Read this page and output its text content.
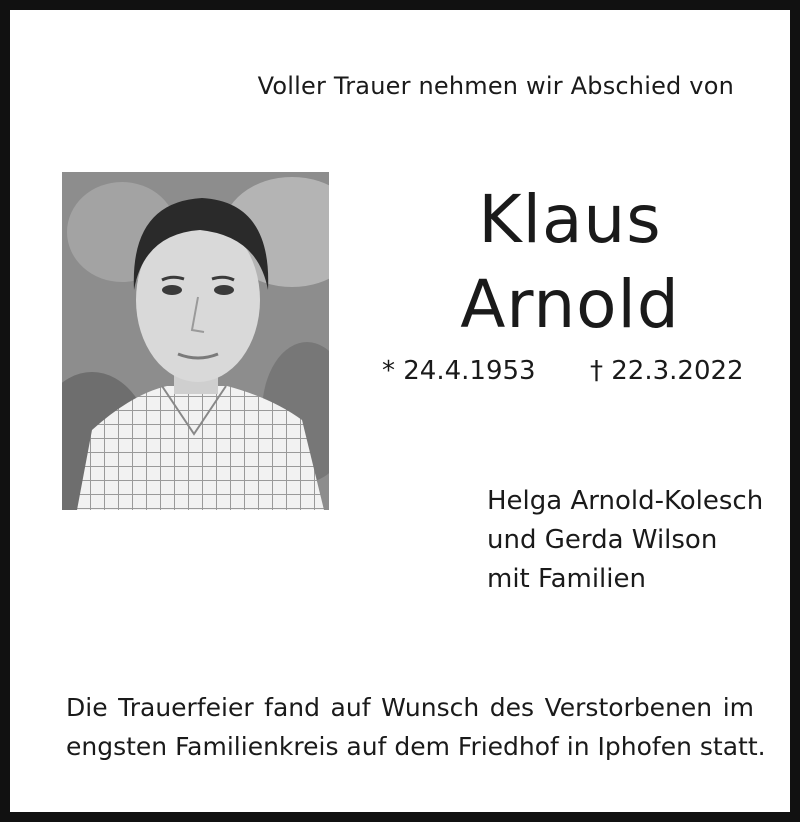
Voller Trauer nehmen wir Abschied von
Klaus
Arnold
* 24.4.1953 † 22.3.2022
Helga Arnold-Kolesch
und Gerda Wilson
mit Familien
Die Trauerfeier fand auf Wunsch des Verstorbenen im
engsten Familienkreis auf dem Friedhof in Iphofen statt.
